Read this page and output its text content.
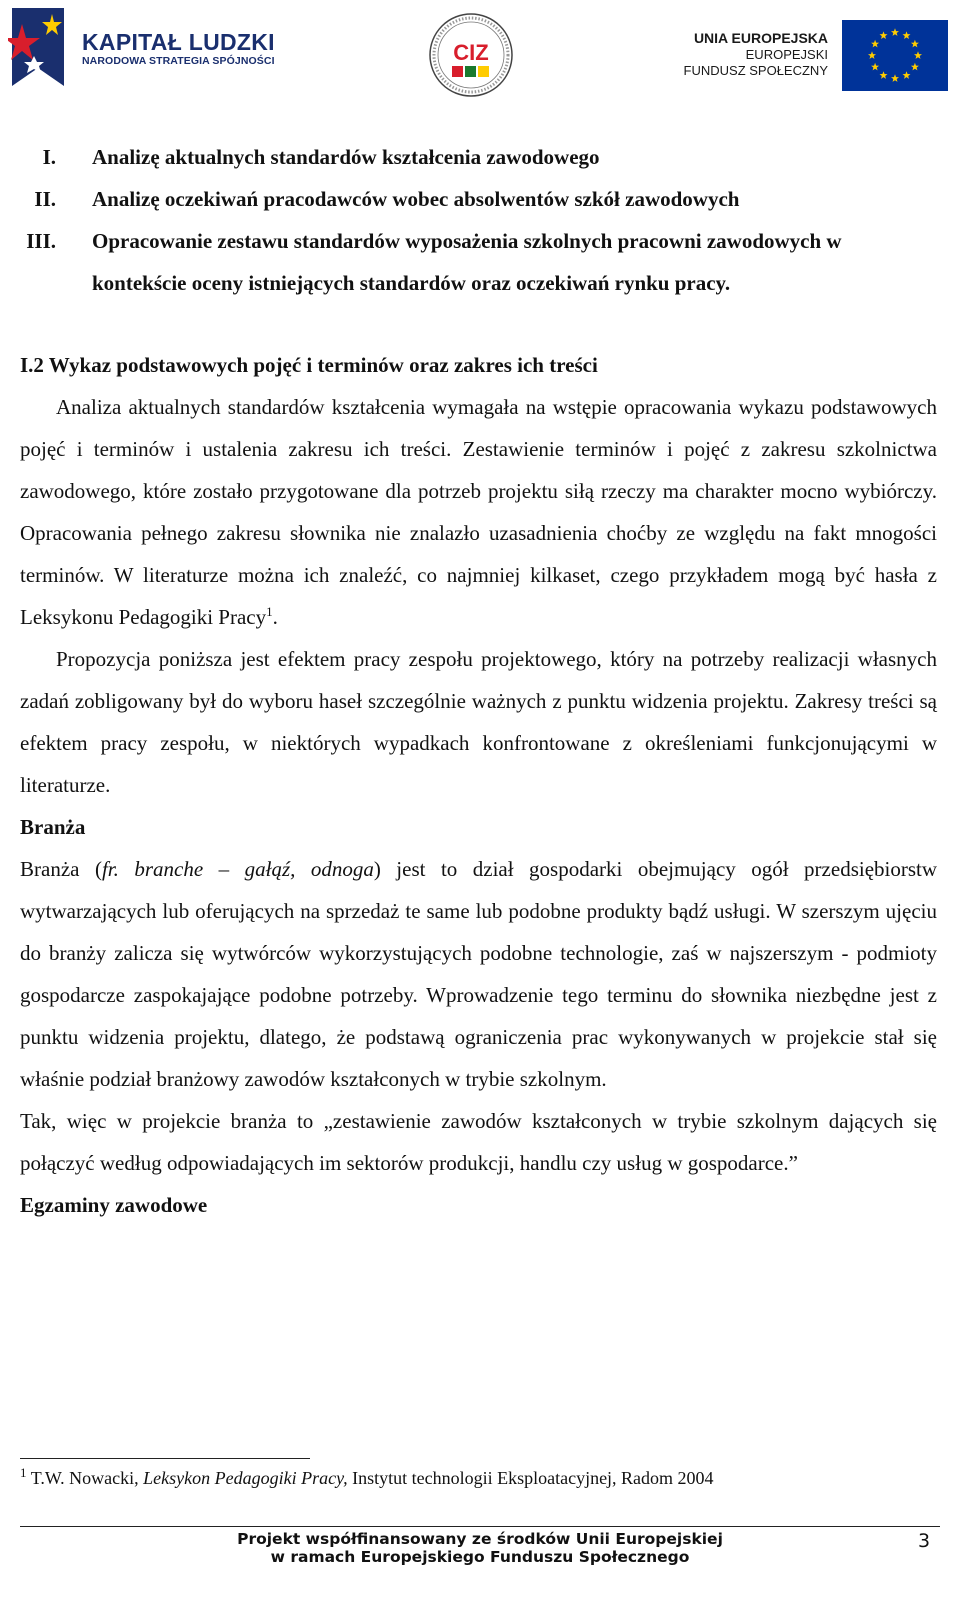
KAPITAŁ LUDZKI
NARODOWA STRATEGIA SPÓJNOŚCI	CIZ
UNIA EUROPEJSKA
EUROPEJSKI
FUNDUSZ SPOŁECZNY
I. Analizę aktualnych standardów kształcenia zawodowego
II. Analizę oczekiwań pracodawców wobec absolwentów szkół zawodowych
III. Opracowanie zestawu standardów wyposażenia szkolnych pracowni zawodowych w kontekście oceny istniejących standardów oraz oczekiwań rynku pracy.
I.2 Wykaz podstawowych pojęć i terminów oraz zakres ich treści

Analiza aktualnych standardów kształcenia wymagała na wstępie opracowania wykazu podstawowych pojęć i terminów i ustalenia zakresu ich treści. Zestawienie terminów i pojęć z zakresu szkolnictwa zawodowego, które zostało przygotowane dla potrzeb projektu siłą rzeczy ma charakter mocno wybiórczy. Opracowania pełnego zakresu słownika nie znalazło uzasadnienia choćby ze względu na fakt mnogości terminów. W literaturze można ich znaleźć, co najmniej kilkaset, czego przykładem mogą być hasła z Leksykonu Pedagogiki Pracy$^1$.

Propozycja poniższa jest efektem pracy zespołu projektowego, który na potrzeby realizacji własnych zadań zobligowany był do wyboru haseł szczególnie ważnych z punktu widzenia projektu. Zakresy treści są efektem pracy zespołu, w niektórych wypadkach konfrontowane z określeniami funkcjonującymi w literaturze.

Branża

Branża (fr. branche – gałąź, odnoga) jest to dział gospodarki obejmujący ogół przedsiębiorstw wytwarzających lub oferujących na sprzedaż te same lub podobne produkty bądź usługi. W szerszym ujęciu do branży zalicza się wytwórców wykorzystujących podobne technologie, zaś w najszerszym - podmioty gospodarcze zaspokajające podobne potrzeby. Wprowadzenie tego terminu do słownika niezbędne jest z punktu widzenia projektu, dlatego, że podstawą ograniczenia prac wykonywanych w projekcie stał się właśnie podział branżowy zawodów kształconych w trybie szkolnym.

Tak, więc w projekcie branża to „zestawienie zawodów kształconych w trybie szkolnym dających się połączyć według odpowiadających im sektorów produkcji, handlu czy usług w gospodarce.”

Egzaminy zawodowe
$^1$ T.W. Nowacki, Leksykon Pedagogiki Pracy, Instytut technologii Eksploatacyjnej, Radom 2004
Projekt współfinansowany ze środków Unii Europejskiej
w ramach Europejskiego Funduszu Społecznego
3
